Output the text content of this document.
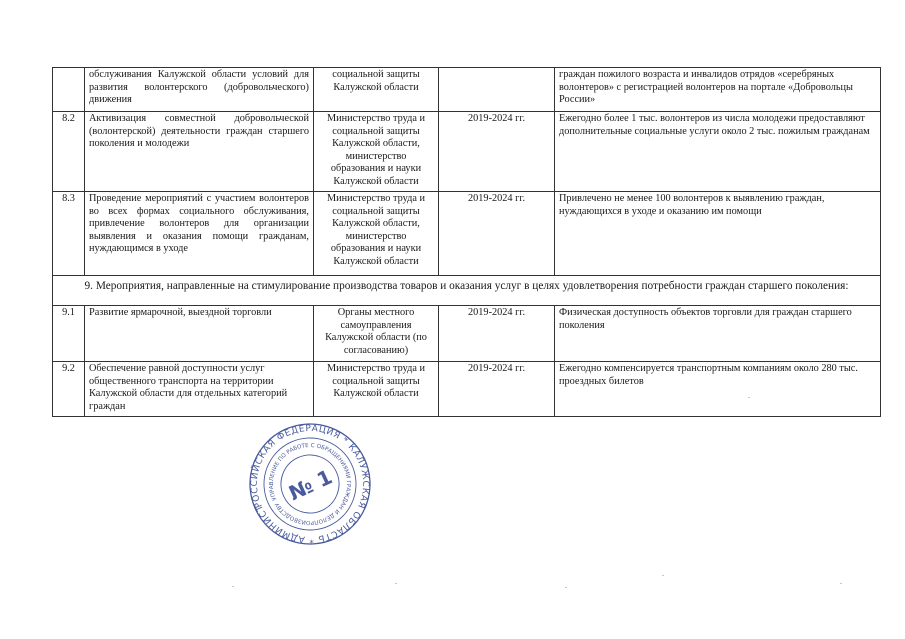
	обслуживания Калужской области условий для развития волонтерского (добровольческого) движения	социальной защиты Калужской области		граждан пожилого возраста и инвалидов отрядов «серебряных волонтеров» с регистрацией волонтеров на портале «Добровольцы России»
8.2	Активизация совместной добровольческой (волонтерской) деятельности граждан старшего поколения и молодежи	Министерство труда и социальной защиты Калужской области, министерство образования и науки Калужской области	2019-2024 гг.	Ежегодно более 1 тыс. волонтеров из числа молодежи предоставляют дополнительные социальные услуги около 2 тыс. пожилым гражданам
8.3	Проведение мероприятий с участием волонтеров во всех формах социального обслуживания, привлечение волонтеров для организации выявления и оказания помощи гражданам, нуждающимся в уходе	Министерство труда и социальной защиты Калужской области, министерство образования и науки Калужской области	2019-2024 гг.	Привлечено не менее 100 волонтеров к выявлению граждан, нуждающихся в уходе и оказанию им помощи
9. Мероприятия, направленные на стимулирование производства товаров и оказания услуг в целях удовлетворения потребности граждан старшего поколения:				
9.1	Развитие ярмарочной, выездной торговли	Органы местного самоуправления Калужской области (по согласованию)	2019-2024 гг.	Физическая доступность объектов торговли для граждан старшего поколения
9.2	Обеспечение равной доступности услуг общественного транспорта на территории Калужской области для отдельных категорий граждан	Министерство труда и социальной защиты Калужской области	2019-2024 гг.	Ежегодно компенсируется транспортным компаниям около 280 тыс. проездных билетов
РОССИЙСКАЯ ФЕДЕРАЦИЯ * КАЛУЖСКАЯ ОБЛАСТЬ * АДМИНИСТРАЦИЯ
УПРАВЛЕНИЕ ПО РАБОТЕ С ОБРАЩЕНИЯМИ ГРАЖДАН И ДЕЛОПРОИЗВОДСТВУ № 1
